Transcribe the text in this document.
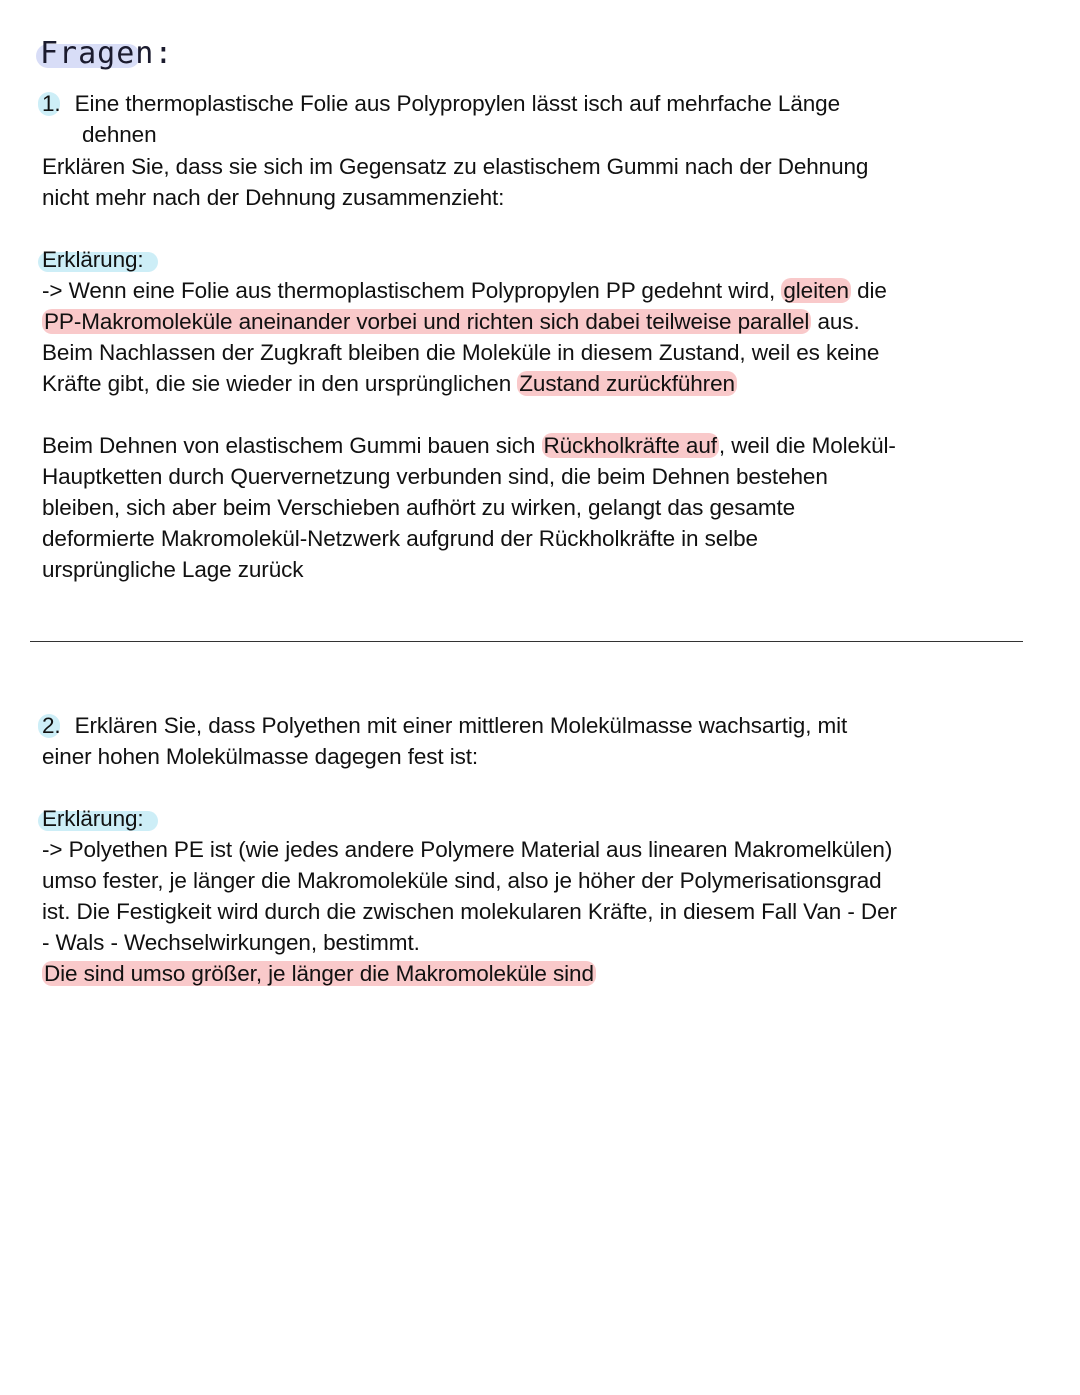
Fragen:
1. Eine thermoplastische Folie aus Polypropylen lässt isch auf mehrfache Länge
dehnen
Erklären Sie, dass sie sich im Gegensatz zu elastischem Gummi nach der Dehnung
nicht mehr nach der Dehnung zusammenzieht:
Erklärung:
-> Wenn eine Folie aus thermoplastischem Polypropylen PP gedehnt wird, gleiten die
PP-Makromoleküle aneinander vorbei und richten sich dabei teilweise parallel aus.
Beim Nachlassen der Zugkraft bleiben die Moleküle in diesem Zustand, weil es keine
Kräfte gibt, die sie wieder in den ursprünglichen Zustand zurückführen
Beim Dehnen von elastischem Gummi bauen sich Rückholkräfte auf, weil die Molekül-
Hauptketten durch Quervernetzung verbunden sind, die beim Dehnen bestehen
bleiben, sich aber beim Verschieben aufhört zu wirken, gelangt das gesamte
deformierte Makromolekül-Netzwerk aufgrund der Rückholkräfte in selbe
ursprüngliche Lage zurück
2. Erklären Sie, dass Polyethen mit einer mittleren Molekülmasse wachsartig, mit
einer hohen Molekülmasse dagegen fest ist:
Erklärung:
-> Polyethen PE ist (wie jedes andere Polymere Material aus linearen Makromelkülen)
umso fester, je länger die Makromoleküle sind, also je höher der Polymerisationsgrad
ist. Die Festigkeit wird durch die zwischen molekularen Kräfte, in diesem Fall Van - Der
- Wals - Wechselwirkungen, bestimmt.
Die sind umso größer, je länger die Makromoleküle sind
